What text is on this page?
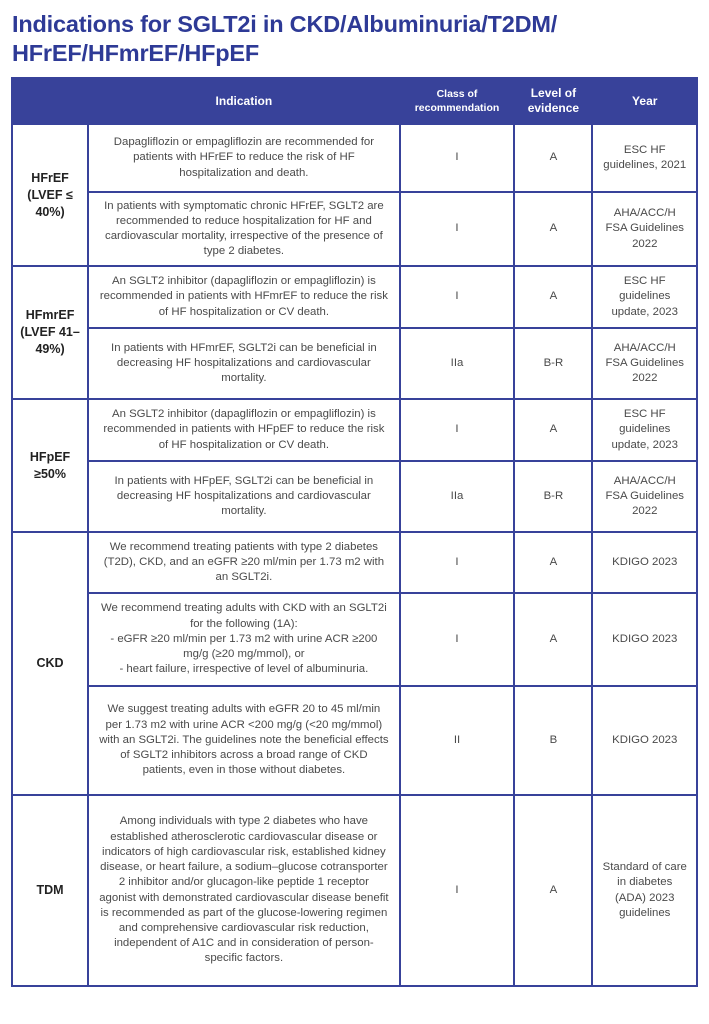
Indications for SGLT2i in CKD/Albuminuria/T2DM/ HFrEF/HFmrEF/HFpEF

	Indication	Class of recommendation	Level of evidence	Year

HFrEF (LVEF ≤ 40%)	Dapagliflozin or empagliflozin are recommended for patients with HFrEF to reduce the risk of HF hospitalization and death.	I	A	ESC HF guidelines, 2021
	In patients with symptomatic chronic HFrEF, SGLT2 are recommended to reduce hospitalization for HF and cardiovascular mortality, irrespective of the presence of type 2 diabetes.	I	A	AHA/ACC/H FSA Guidelines 2022
HFmrEF (LVEF 41–49%)	An SGLT2 inhibitor (dapagliflozin or empagliflozin) is recommended in patients with HFmrEF to reduce the risk of HF hospitalization or CV death.	I	A	ESC HF guidelines update, 2023
	In patients with HFmrEF, SGLT2i can be beneficial in decreasing HF hospitalizations and cardiovascular mortality.	IIa	B-R	AHA/ACC/H FSA Guidelines 2022
HFpEF ≥50%	An SGLT2 inhibitor (dapagliflozin or empagliflozin) is recommended in patients with HFpEF to reduce the risk of HF hospitalization or CV death.	I	A	ESC HF guidelines update, 2023
	In patients with HFpEF, SGLT2i can be beneficial in decreasing HF hospitalizations and cardiovascular mortality.	IIa	B-R	AHA/ACC/H FSA Guidelines 2022
CKD	We recommend treating patients with type 2 diabetes (T2D), CKD, and an eGFR ≥20 ml/min per 1.73 m2 with an SGLT2i.	I	A	KDIGO 2023
	We recommend treating adults with CKD with an SGLT2i for the following (1A):
- eGFR ≥20 ml/min per 1.73 m2 with urine ACR ≥200 mg/g (≥20 mg/mmol), or
- heart failure, irrespective of level of albuminuria.	I	A	KDIGO 2023
	We suggest treating adults with eGFR 20 to 45 ml/min per 1.73 m2 with urine ACR <200 mg/g (<20 mg/mmol) with an SGLT2i. The guidelines note the beneficial effects of SGLT2 inhibitors across a broad range of CKD patients, even in those without diabetes.	II	B	KDIGO 2023
TDM	Among individuals with type 2 diabetes who have established atherosclerotic cardiovascular disease or indicators of high cardiovascular risk, established kidney disease, or heart failure, a sodium–glucose cotransporter 2 inhibitor and/or glucagon-like peptide 1 receptor agonist with demonstrated cardiovascular disease benefit is recommended as part of the glucose-lowering regimen and comprehensive cardiovascular risk reduction, independent of A1C and in consideration of person-specific factors.	I	A	Standard of care in diabetes (ADA) 2023 guidelines
